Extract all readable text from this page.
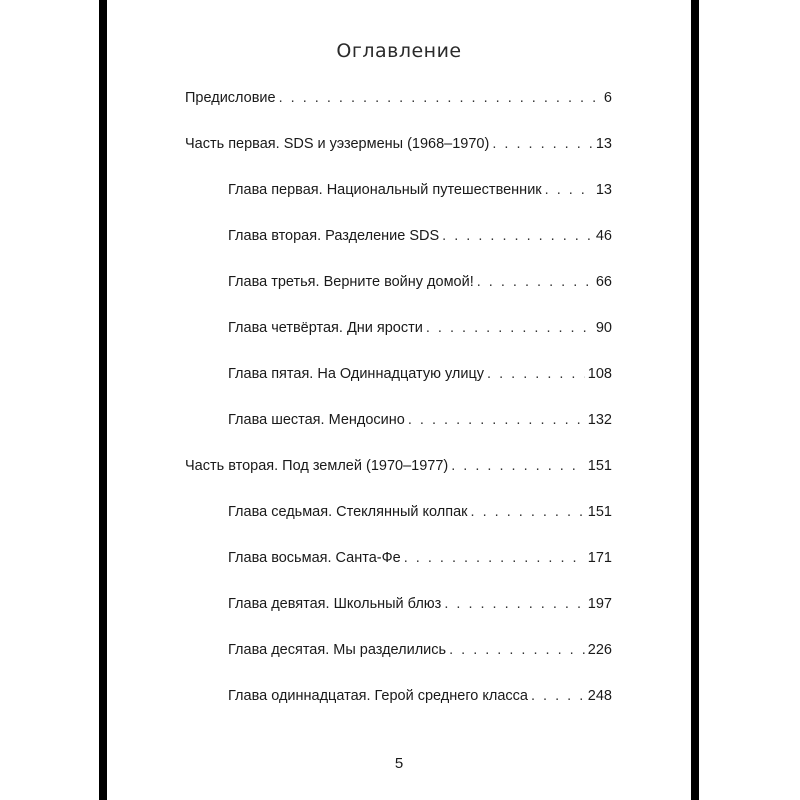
Оглавление
Предисловие . . .	6
Часть первая. SDS и уэзермены (1968–1970) . . .	13
Глава первая. Национальный путешественник . . .	13
Глава вторая. Разделение SDS . . .	46
Глава третья. Верните войну домой! . . .	66
Глава четвёртая. Дни ярости . . .	90
Глава пятая. На Одиннадцатую улицу . . .	108
Глава шестая. Мендосино . . .	132
Часть вторая. Под землей (1970–1977) . . .	151
Глава седьмая. Стеклянный колпак . . .	151
Глава восьмая. Санта-Фе . . .	171
Глава девятая. Школьный блюз . . .	197
Глава десятая. Мы разделились . . .	226
Глава одиннадцатая. Герой среднего класса . . .	248
5
